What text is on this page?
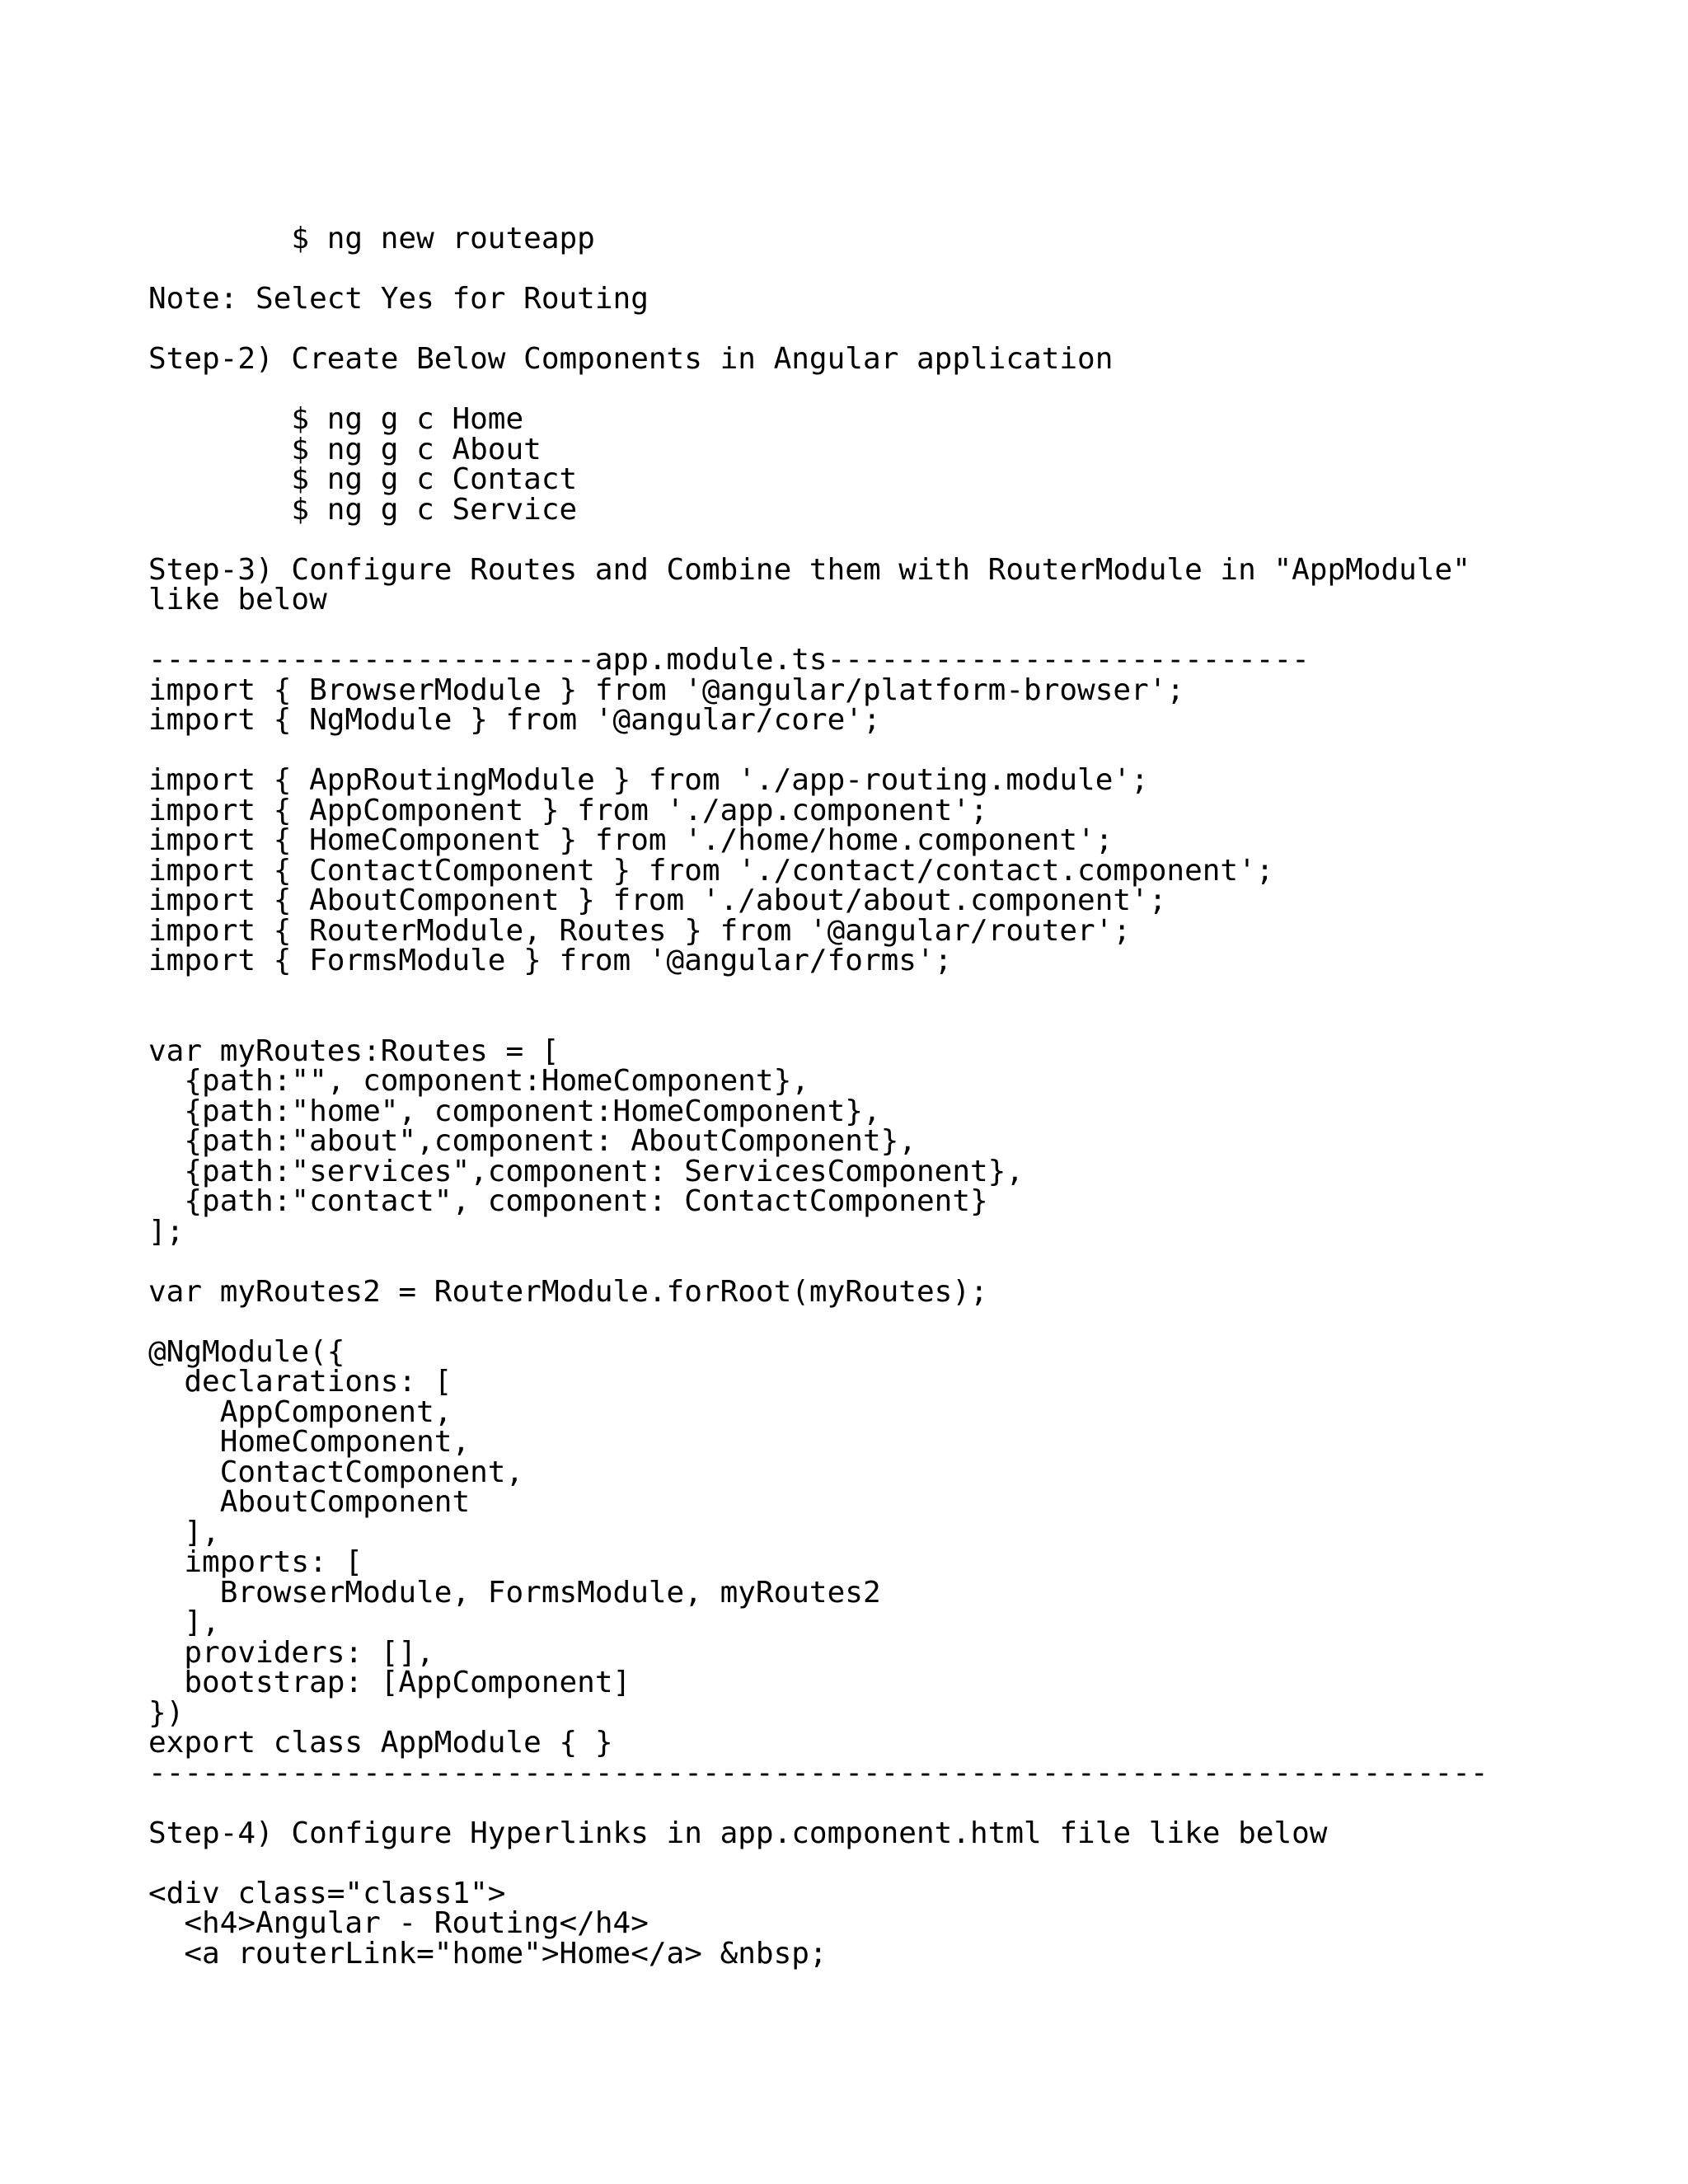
$ ng new routeapp
Note: Select Yes for Routing
Step-2) Create Below Components in Angular application
$ ng g c Home
$ ng g c About
$ ng g c Contact
$ ng g c Service
Step-3) Configure Routes and Combine them with RouterModule in "AppModule"
like below
-------------------------app.module.ts---------------------------
import { BrowserModule } from '@angular/platform-browser';
import { NgModule } from '@angular/core';
import { AppRoutingModule } from './app-routing.module';
import { AppComponent } from './app.component';
import { HomeComponent } from './home/home.component';
import { ContactComponent } from './contact/contact.component';
import { AboutComponent } from './about/about.component';
import { RouterModule, Routes } from '@angular/router';
import { FormsModule } from '@angular/forms';
var myRoutes:Routes = [
{path:"", component:HomeComponent},
{path:"home", component:HomeComponent},
{path:"about",component: AboutComponent},
{path:"services",component: ServicesComponent},
{path:"contact", component: ContactComponent}
];
var myRoutes2 = RouterModule.forRoot(myRoutes);
@NgModule({
declarations: [
AppComponent,
HomeComponent,
ContactComponent,
AboutComponent
],
imports: [
BrowserModule, FormsModule, myRoutes2
],
providers: [],
bootstrap: [AppComponent]
})
export class AppModule { }
---------------------------------------------------------------------------
Step-4) Configure Hyperlinks in app.component.html file like below
<div class="class1">
<h4>Angular - Routing</h4>
<a routerLink="home">Home</a> &nbsp;
